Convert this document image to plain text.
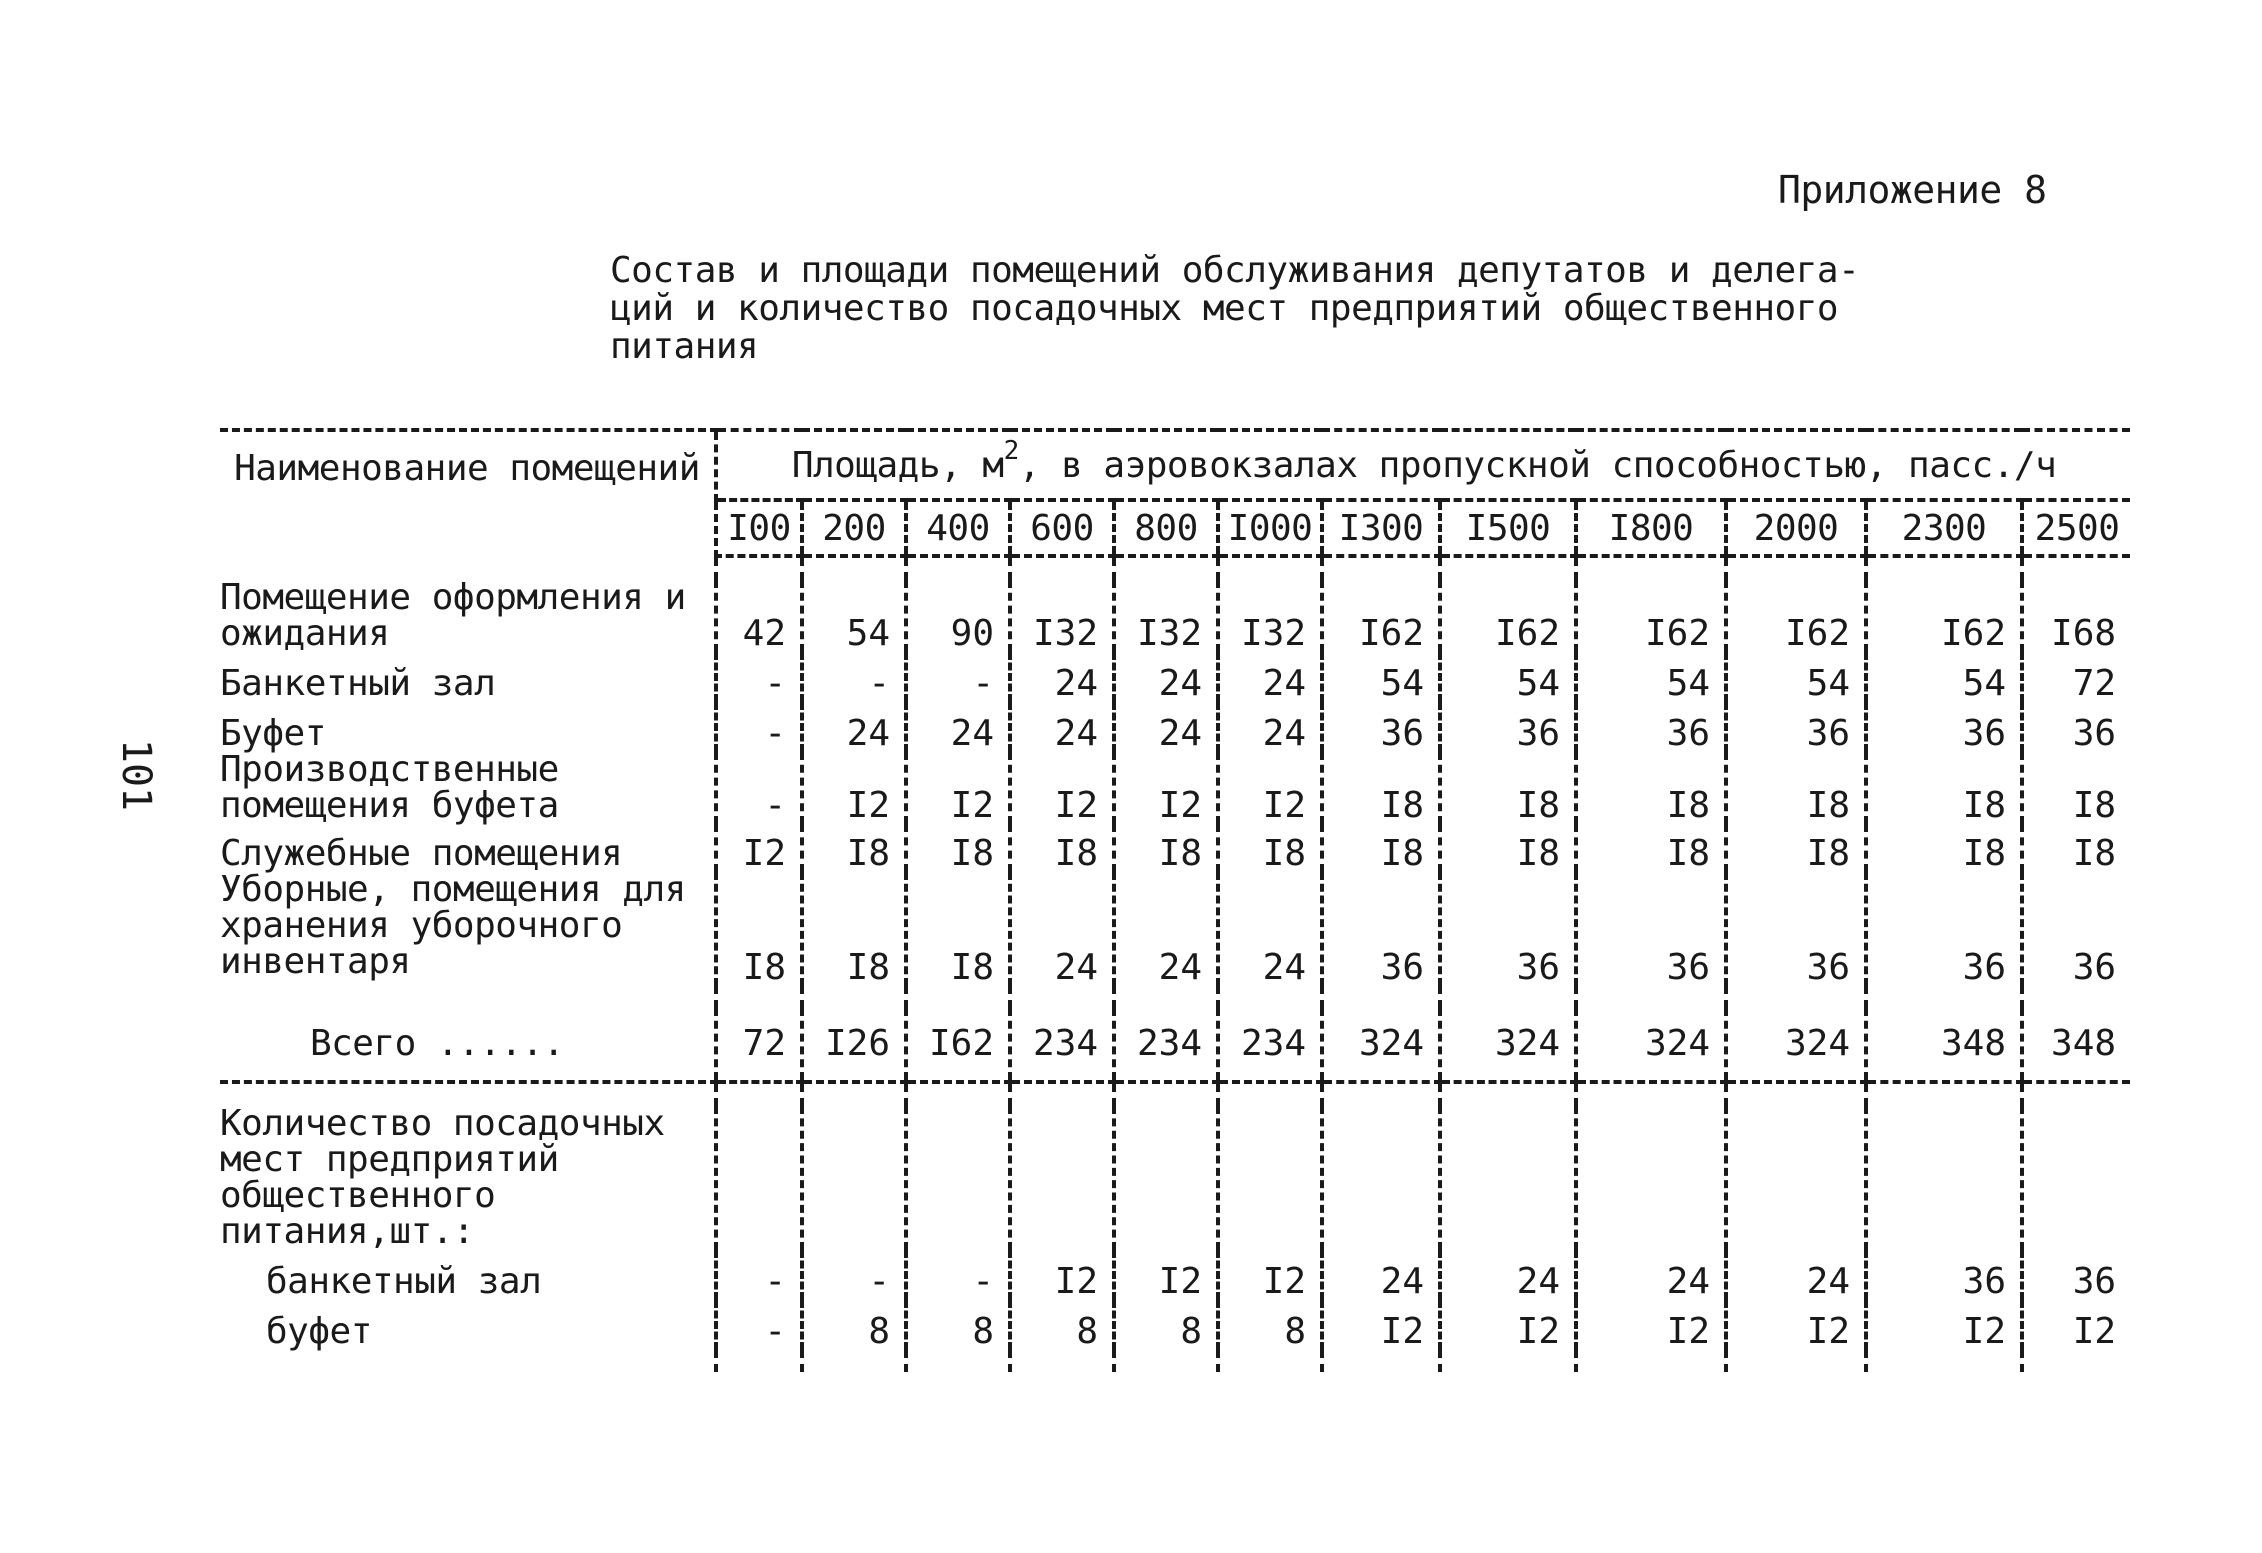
Приложение 8
101
Состав и площади помещений обслуживания депутатов и делега-
ций и количество посадочных мест предприятий общественного
питания
Наименование помещений	Площадь, $м^2$, в аэровокзалах пропускной способностью, пасс./ч											
	I00	200	400	600	800	I000	I300	I500	I800	2000	2300	2500

Помещение оформления и ожидания	42	54	90	I32	I32	I32	I62	I62	I62	I62	I62	I68
Банкетный зал	-	-	-	24	24	24	54	54	54	54	54	72
Буфет	-	24	24	24	24	24	36	36	36	36	36	36
Производственные помещения буфета	-	I2	I2	I2	I2	I2	I8	I8	I8	I8	I8	I8
Служебные помещения	I2	I8	I8	I8	I8	I8	I8	I8	I8	I8	I8	I8
Уборные, помещения для хранения уборочного инвентаря	I8	I8	I8	24	24	24	36	36	36	36	36	36

Всего ......	72	I26	I62	234	234	234	324	324	324	324	348	348

Количество посадочных мест предприятий общественного питания,шт.:												
банкетный зал	-	-	-	I2	I2	I2	24	24	24	24	36	36
буфет	-	8	8	8	8	8	I2	I2	I2	I2	I2	I2
